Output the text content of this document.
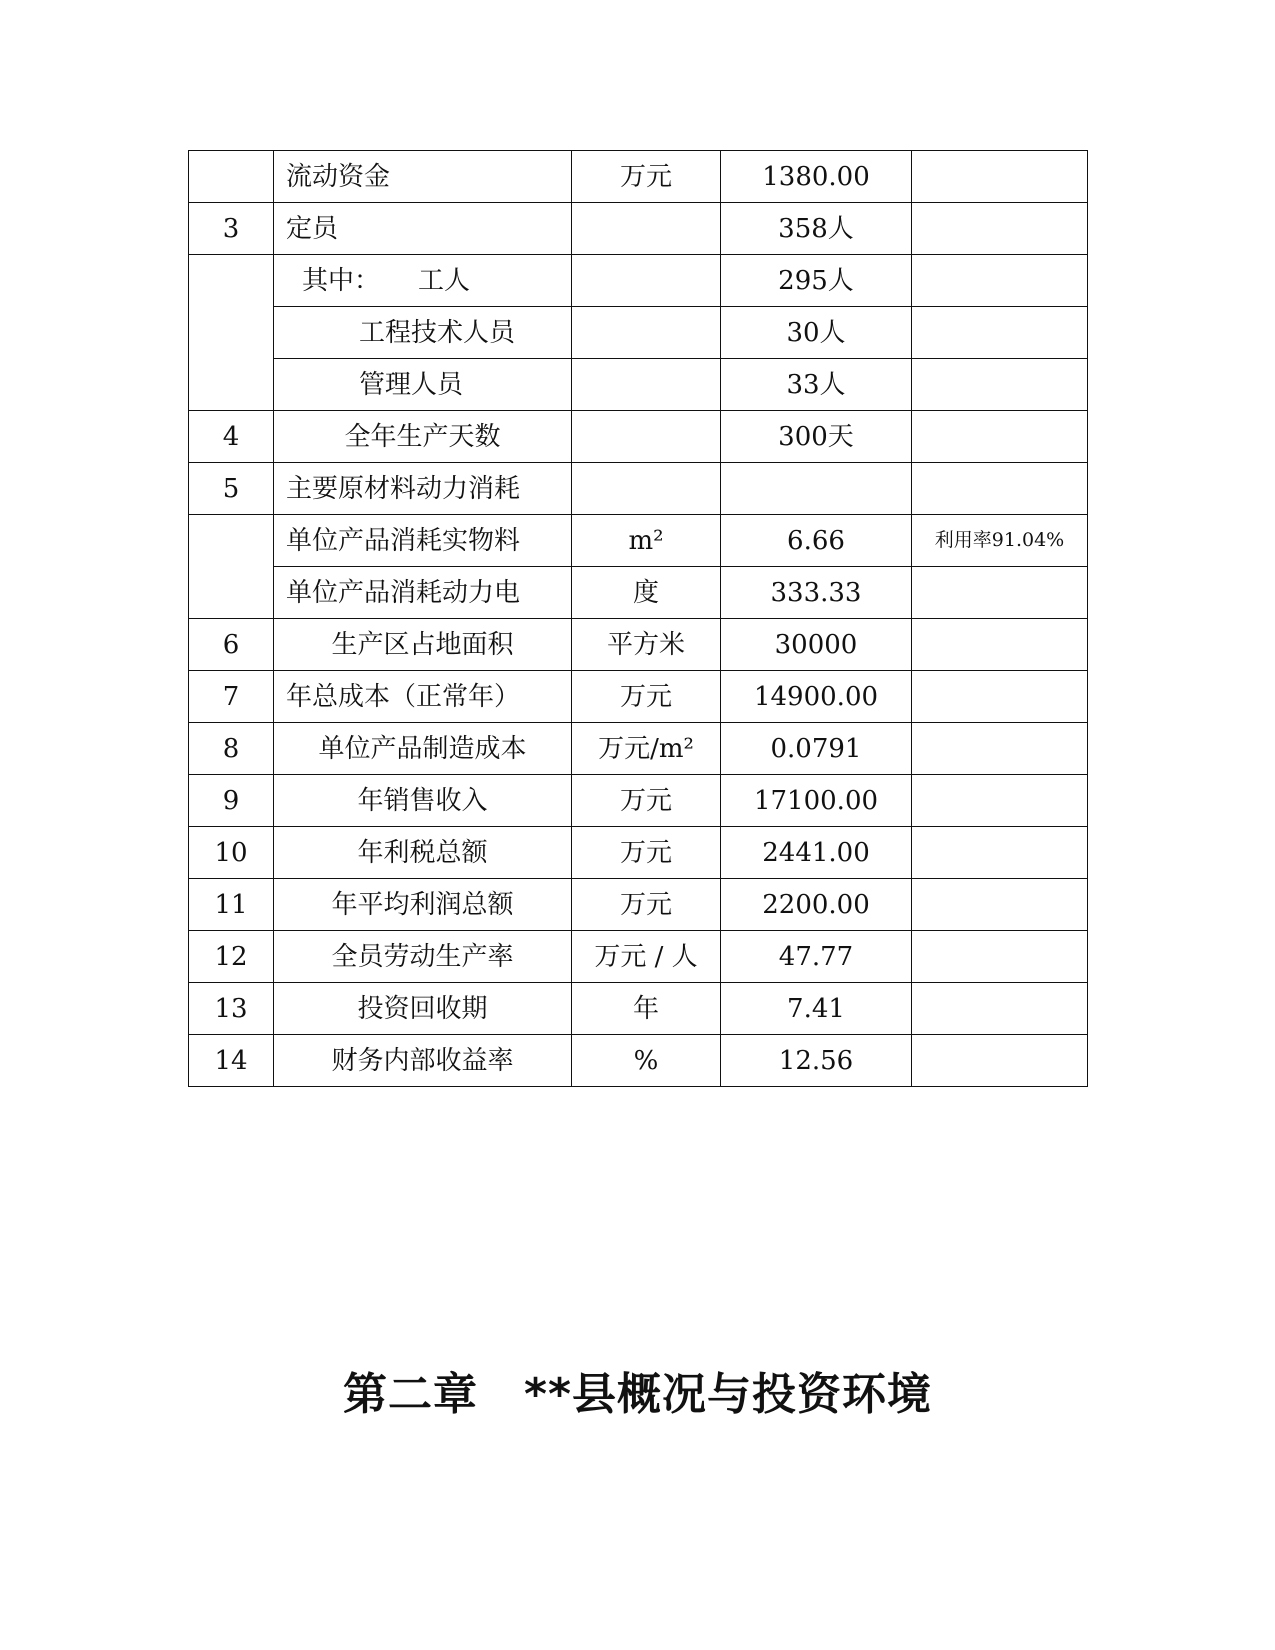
	流动资金	万元	1380.00	
3	定员		358人	
	其中： 工人		295人	
	工程技术人员		30人	
	管理人员		33人	
4	全年生产天数		300天	
5	主要原材料动力消耗			
	单位产品消耗实物料	m²	6.66	利用率91.04%
	单位产品消耗动力电	度	333.33	
6	生产区占地面积	平方米	30000	
7	年总成本（正常年）	万元	14900.00	
8	单位产品制造成本	万元/m²	0.0791	
9	年销售收入	万元	17100.00	
10	年利税总额	万元	2441.00	
11	年平均利润总额	万元	2200.00	
12	全员劳动生产率	万元 / 人	47.77	
13	投资回收期	年	7.41	
14	财务内部收益率	%	12.56	
第二章 **县概况与投资环境
